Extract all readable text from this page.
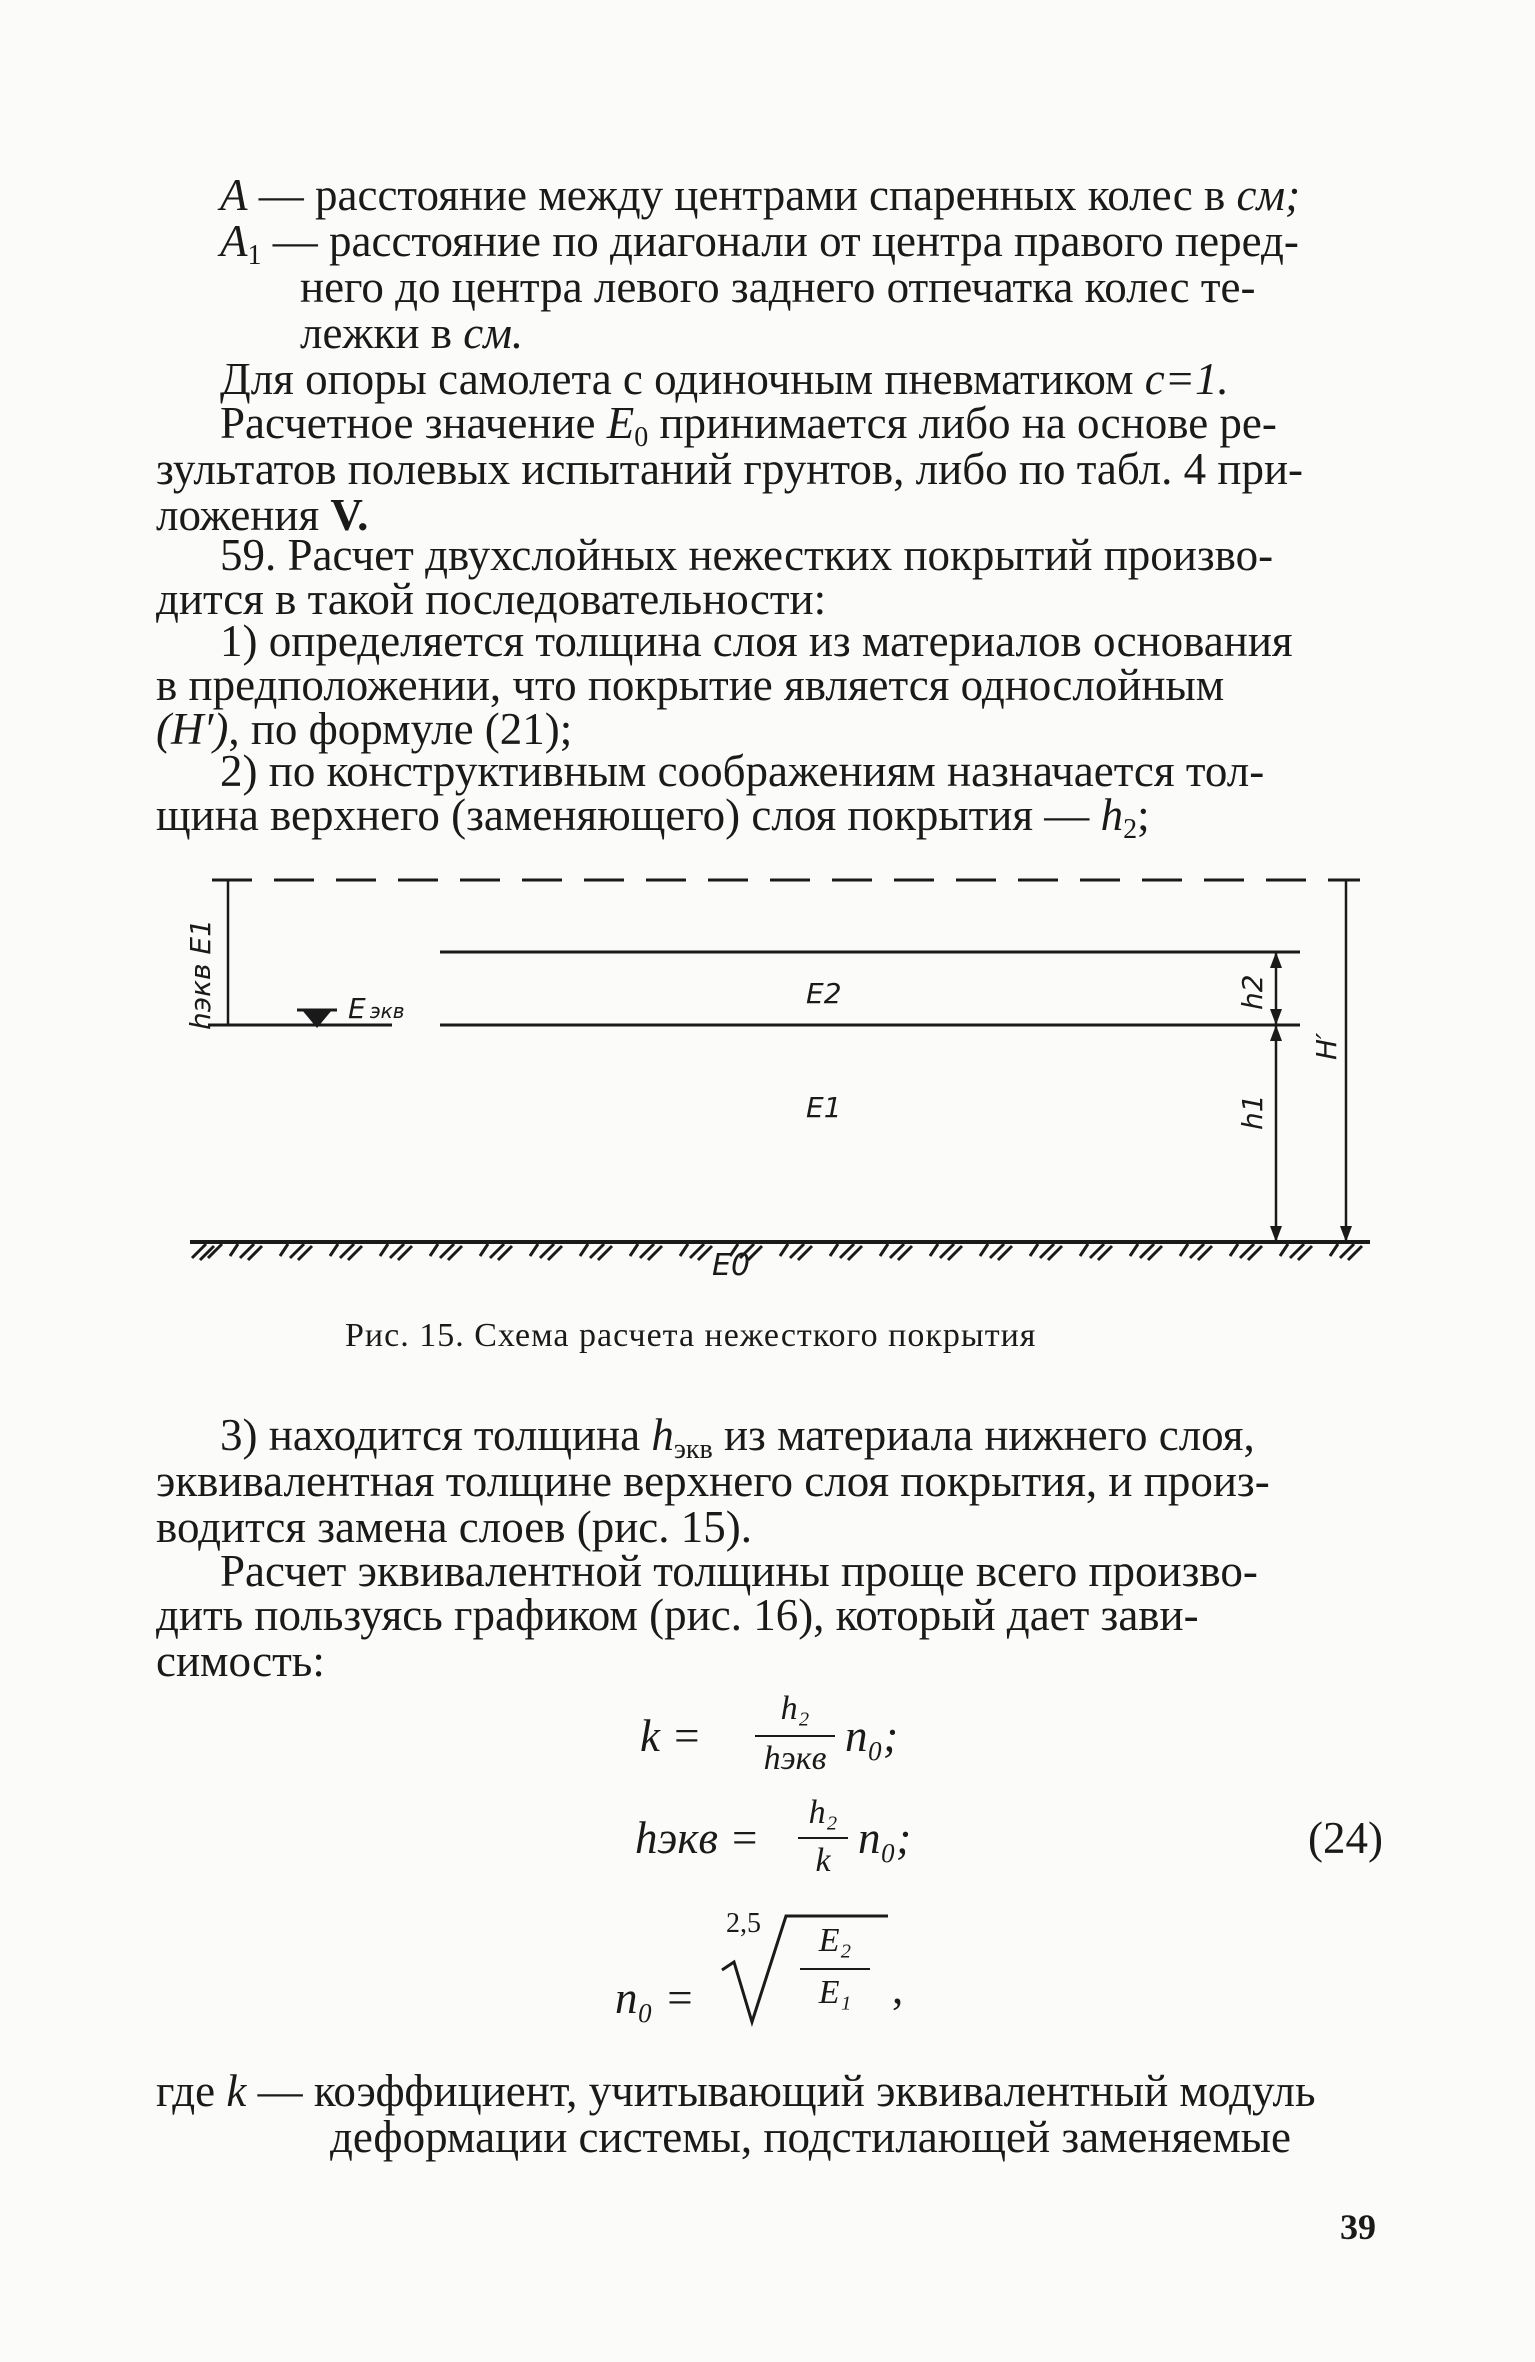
A — расстояние между центрами спаренных колес в см;
$A_1$ — расстояние по диагонали от центра правого перед-
него до центра левого заднего отпечатка колес те-
лежки в см.
Для опоры самолета с одиночным пневматиком c=1.
Расчетное значение $E_0$ принимается либо на основе ре-
зультатов полевых испытаний грунтов, либо по табл. 4 при-
ложения V.
59. Расчет двухслойных нежестких покрытий произво-
дится в такой последовательности:
1) определяется толщина слоя из материалов основания
в предположении, что покрытие является однослойным
(H′), по формуле (21);
2) по конструктивным соображениям назначается тол-
щина верхнего (заменяющего) слоя покрытия — $h_2$;
hэкв E1	E экв
E2
E1
h2
h1
H′
E0
Рис. 15. Схема расчета нежесткого покрытия
3) находится толщина $h_{экв}$ из материала нижнего слоя,
эквивалентная толщине верхнего слоя покрытия, и произ-
водится замена слоев (рис. 15).
Расчет эквивалентной толщины проще всего произво-
дить пользуясь графиком (рис. 16), который дает зави-
симость:
k =
h₂
hэкв n₀;
hэкв =
h₂
k n₀;	(24)
n₀ =
2,5	E₂
E₁ ,
где k — коэффициент, учитывающий эквивалентный модуль
деформации системы, подстилающей заменяемые
39
